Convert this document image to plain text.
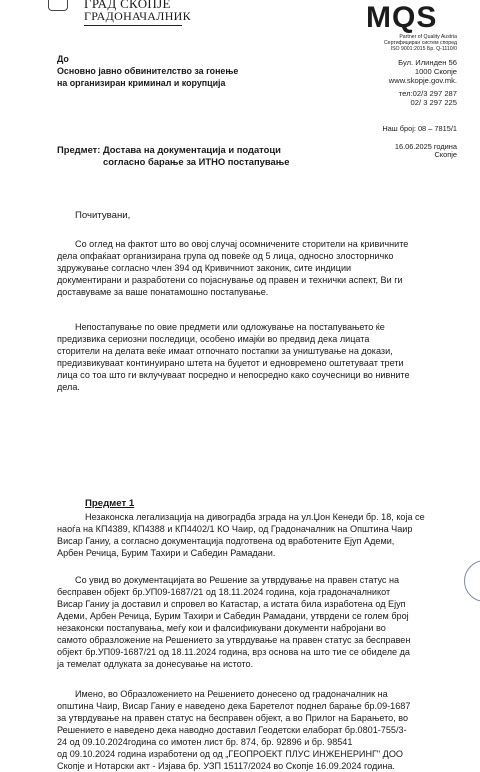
ГРАД СКОПЈЕ
ГРАДОНАЧАЛНИК	MQS
Partner of Quality Austria
Сертифициран систем според
ISO 9001:2015 Бр. Q-1110/0
Бул. Илинден 56
1000 Скопје
www.skopje.gov.mk.
тел:02/3 297 287
02/ 3 297 225
До
Основно јавно обвинителство за гонење
на организиран криминал и корупција
Наш број: 08 – 7815/1
16.06.2025 година
Скопје
Предмет: Достава на документација и податоци
согласно барање за ИТНО постапување
Почитувани,
Со оглед на фактот што во овој случај осомничените сторители на кривичните
дела опфаќаат организирана група од повеќе од 5 лица, односно злосторничко
здружување согласно член 394 од Кривичниот законик, сите индиции
документирани и разработени со појаснување од правен и технички аспект, Ви ги
доставуваме за ваше понатамошно постапување.
Непостапување по овие предмети или одложување на постапувањето ќе
предизвика сериозни последици, особено имајќи во предвид дека лицата
сторители на делата веќе имаат отпочнато постапки за уништување на докази,
предизвикуваат континуирано штета на буџетот и едновремено оштетуваат трети
лица со тоа што ги вклучуваат посредно и непосредно како соучесници во нивните
дела.
Предмет 1
Незаконска легализација на дивоградба зграда на ул.Џон Кенеди бр. 18, која се
наоѓа на КП4389, КП4388 и КП4402/1 КО Чаир, од Градоначалник на Општина Чаир
Висар Ганиу, а согласно документација подготвена од вработените Ејуп Адеми,
Арбен Речица, Бурим Тахири и Сабедин Рамадани.
Со увид во документацијата во Решение за утврдување на правен статус на
бесправен објект бр.УП09-1687/21 од 18.11.2024 година, која градоначалникот
Висар Ганиу ја доставил и спровел во Катастар, а истата била изработена од Ејуп
Адеми, Арбен Речица, Бурим Тахири и Сабедин Рамадани, утврдени се голем број
незаконски постапувања, меѓу кои и фалсификувани документи наброjани во
самото образложение на Решението за утврдување на правен статус за бесправен
објект бр.УП09-1687/21 од 18.11.2024 година, врз основа на што тие се обиделе да
ја темелат одлуката за донесување на истото.
Имено, во Образложението на Решението донесено од градоначалник на
општина Чаир, Висар Ганиу е наведено дека Баретелот поднел барање бр.09-1687
за утврдување на правен статус на бесправен објект, а во Прилог на Барањето, во
Решението е наведено дека наводно доставил Геодетски елаборат бр.0801-755/3-
24 од 09.10.2024година со имотен лист бр. 874, бр. 92896 и бр. 98541
од 09.10.2024 година изработени од од „ГЕОПРОЕКТ ПЛУС ИНЖЕНЕРИНГ" ДОО
Скопје и Нотарски акт - Изјава бр. УЗП 15117/2024 во Скопје 16.09.2024 година.
